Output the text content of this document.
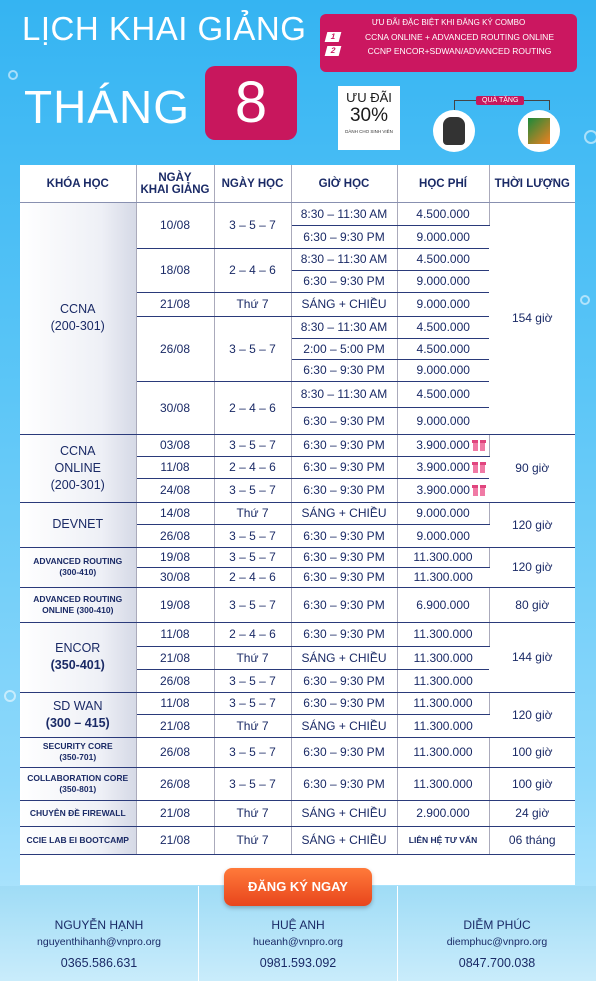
LỊCH KHAI GIẢNG
THÁNG 8
ƯU ĐÃI ĐẶC BIỆT KHI ĐĂNG KÝ COMBO
1	CCNA ONLINE + ADVANCED ROUTING ONLINE
2	CCNP ENCOR+SDWAN/ADVANCED ROUTING
ƯU ĐÃI
30%
DÀNH CHO SINH VIÊN
QUÀ TẶNG
KHÓA HỌC	NGÀY
KHAI GIẢNG	NGÀY HỌC	GIỜ HỌC	HỌC PHÍ	THỜI LƯỢNG
CCNA
(200-301)	10/08	3 – 5 – 7	8:30 – 11:30 AM	4.500.000	154 giờ
			6:30 – 9:30 PM	9.000.000	
	18/08	2 – 4 – 6	8:30 – 11:30 AM	4.500.000	
			6:30 – 9:30 PM	9.000.000	
	21/08	Thứ 7	SÁNG + CHIỀU	9.000.000	
	26/08	3 – 5 – 7	8:30 – 11:30 AM	4.500.000	
			2:00 – 5:00 PM	4.500.000	
			6:30 – 9:30 PM	9.000.000	
	30/08	2 – 4 – 6	8:30 – 11:30 AM	4.500.000	
			6:30 – 9:30 PM	9.000.000	
CCNA
ONLINE
(200-301)	03/08	3 – 5 – 7	6:30 – 9:30 PM	3.900.000	90 giờ
	11/08	2 – 4 – 6	6:30 – 9:30 PM	3.900.000	

	24/08	3 – 5 – 7	6:30 – 9:30 PM	3.900.000	

DEVNET	14/08	Thứ 7	SÁNG + CHIỀU	9.000.000	120 giờ
	26/08	3 – 5 – 7	6:30 – 9:30 PM	9.000.000	
ADVANCED ROUTING
(300-410)	19/08	3 – 5 – 7	6:30 – 9:30 PM	11.300.000	120 giờ
	30/08	2 – 4 – 6	6:30 – 9:30 PM	11.300.000	
ADVANCED ROUTING
ONLINE (300-410)	19/08	3 – 5 – 7	6:30 – 9:30 PM	6.900.000	80 giờ
ENCOR
(350-401)	11/08	2 – 4 – 6	6:30 – 9:30 PM	11.300.000	144 giờ
	21/08	Thứ 7	SÁNG + CHIỀU	11.300.000	
	26/08	3 – 5 – 7	6:30 – 9:30 PM	11.300.000	
SD WAN
(300 – 415)	11/08	3 – 5 – 7	6:30 – 9:30 PM	11.300.000	120 giờ
	21/08	Thứ 7	SÁNG + CHIỀU	11.300.000	
SECURITY CORE
(350-701)	26/08	3 – 5 – 7	6:30 – 9:30 PM	11.300.000	100 giờ
COLLABORATION CORE
(350-801)	26/08	3 – 5 – 7	6:30 – 9:30 PM	11.300.000	100 giờ
CHUYÊN ĐỀ FIREWALL	21/08	Thứ 7	SÁNG + CHIỀU	2.900.000	24 giờ
CCIE LAB EI BOOTCAMP	21/08	Thứ 7	SÁNG + CHIỀU	LIÊN HỆ TƯ VẤN	06 tháng
NGUYỄN HẠNH
nguyenthihanh@vnpro.org
0365.586.631
HUỆ ANH
hueanh@vnpro.org
0981.593.092
DIỄM PHÚC
diemphuc@vnpro.org
0847.700.038
ĐĂNG KÝ NGAY
